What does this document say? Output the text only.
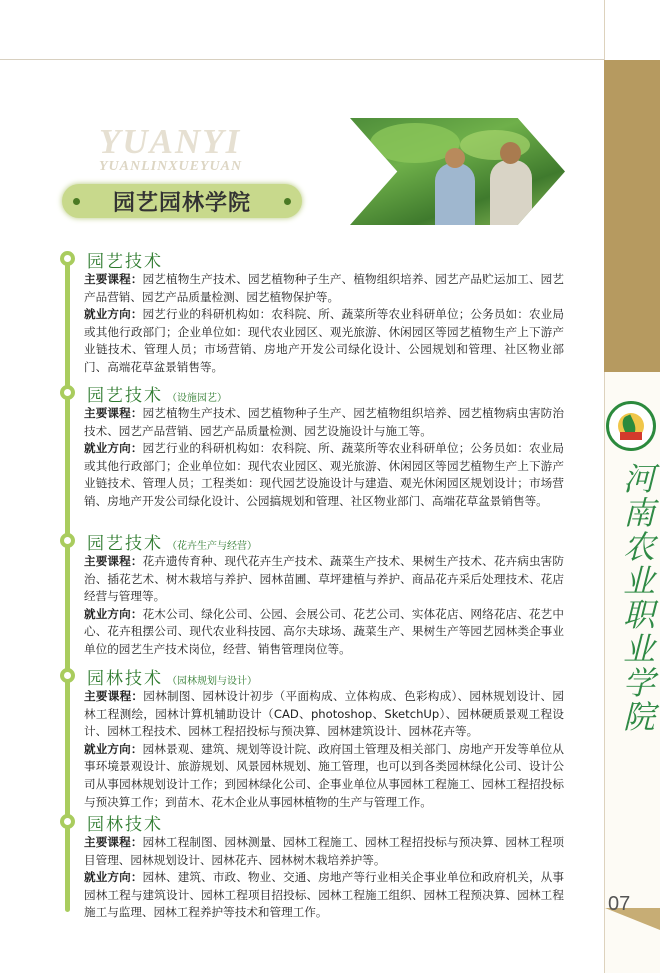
河南农业职业学院
07
YUANYI
YUANLINXUEYUAN
园艺园林学院
园艺技术

主要课程：园艺植物生产技术、园艺植物种子生产、植物组织培养、园艺产品贮运加工、园艺产品营销、园艺产品质量检测、园艺植物保护等。

就业方向：园艺行业的科研机构如：农科院、所、蔬菜所等农业科研单位；公务员如：农业局或其他行政部门；企业单位如：现代农业园区、观光旅游、休闲园区等园艺植物生产上下游产业链技术、管理人员；市场营销、房地产开发公司绿化设计、公园规划和管理、社区物业部门、高端花草盆景销售等。

园艺技术 （设施园艺）

主要课程：园艺植物生产技术、园艺植物种子生产、园艺植物组织培养、园艺植物病虫害防治技术、园艺产品营销、园艺产品质量检测、园艺设施设计与施工等。

就业方向：园艺行业的科研机构如：农科院、所、蔬菜所等农业科研单位；公务员如：农业局或其他行政部门；企业单位如：现代农业园区、观光旅游、休闲园区等园艺植物生产上下游产业链技术、管理人员；工程类如：现代园艺设施设计与建造、观光休闲园区规划设计；市场营销、房地产开发公司绿化设计、公园搞规划和管理、社区物业部门、高端花草盆景销售等。

园艺技术 （花卉生产与经营）

主要课程：花卉遗传育种、现代花卉生产技术、蔬菜生产技术、果树生产技术、花卉病虫害防治、插花艺术、树木栽培与养护、园林苗圃、草坪建植与养护、商品花卉采后处理技术、花店经营与管理等。

就业方向：花木公司、绿化公司、公园、会展公司、花艺公司、实体花店、网络花店、花艺中心、花卉租摆公司、现代农业科技园、高尔夫球场、蔬菜生产、果树生产等园艺园林类企事业单位的园艺生产技术岗位，经营、销售管理岗位等。

园林技术 （园林规划与设计）

主要课程：园林制图、园林设计初步（平面构成、立体构成、色彩构成）、园林规划设计、园林工程测绘，园林计算机辅助设计（CAD、photoshop、SketchUp）、园林硬质景观工程设计、园林工程技术、园林工程招投标与预决算、园林建筑设计、园林花卉等。

就业方向：园林景观、建筑、规划等设计院、政府国土管理及相关部门、房地产开发等单位从事环境景观设计、旅游规划、风景园林规划、施工管理，也可以到各类园林绿化公司、设计公司从事园林规划设计工作；到园林绿化公司、企事业单位从事园林工程施工、园林工程招投标与预决算工作；到苗木、花木企业从事园林植物的生产与管理工作。

园林技术

主要课程：园林工程制图、园林测量、园林工程施工、园林工程招投标与预决算、园林工程项目管理、园林规划设计、园林花卉、园林树木栽培养护等。

就业方向：园林、建筑、市政、物业、交通、房地产等行业相关企事业单位和政府机关，从事园林工程与建筑设计、园林工程项目招投标、园林工程施工组织、园林工程预决算、园林工程施工与监理、园林工程养护等技术和管理工作。
